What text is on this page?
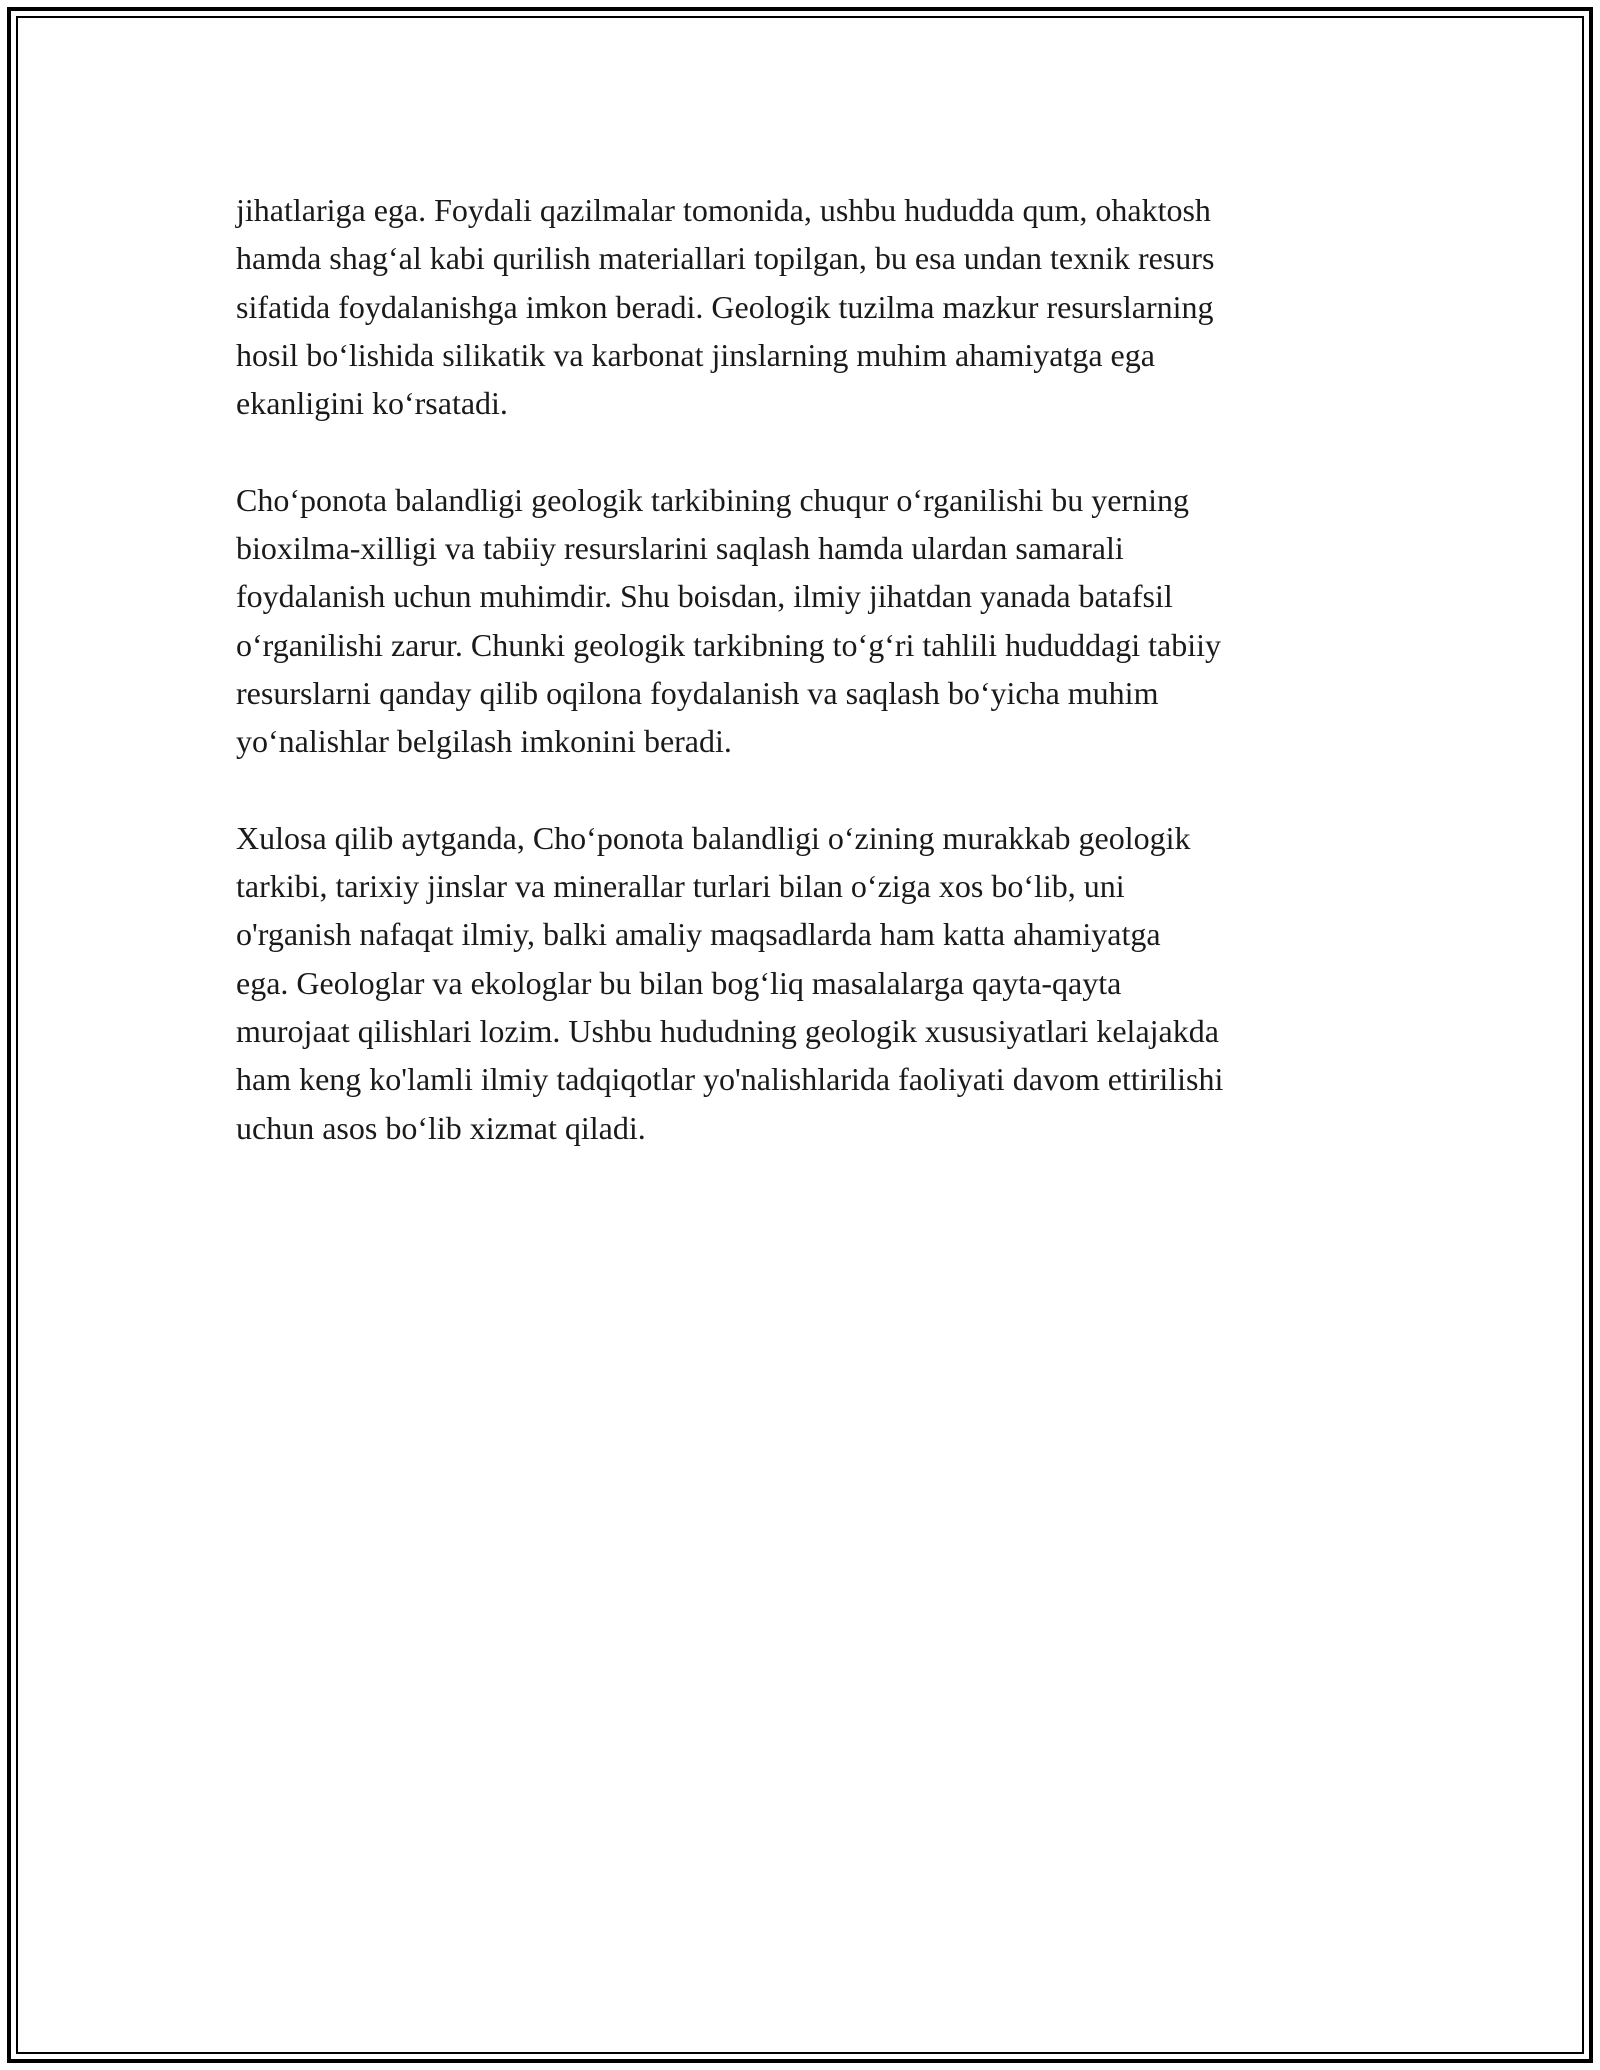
jihatlariga ega. Foydali qazilmalar tomonida, ushbu hududda qum, ohaktosh
hamda shag‘al kabi qurilish materiallari topilgan, bu esa undan texnik resurs
sifatida foydalanishga imkon beradi. Geologik tuzilma mazkur resurslarning
hosil bo‘lishida silikatik va karbonat jinslarning muhim ahamiyatga ega
ekanligini ko‘rsatadi.

Cho‘ponota balandligi geologik tarkibining chuqur o‘rganilishi bu yerning
bioxilma-xilligi va tabiiy resurslarini saqlash hamda ulardan samarali
foydalanish uchun muhimdir. Shu boisdan, ilmiy jihatdan yanada batafsil
o‘rganilishi zarur. Chunki geologik tarkibning to‘g‘ri tahlili hududdagi tabiiy
resurslarni qanday qilib oqilona foydalanish va saqlash bo‘yicha muhim
yo‘nalishlar belgilash imkonini beradi.

Xulosa qilib aytganda, Cho‘ponota balandligi o‘zining murakkab geologik
tarkibi, tarixiy jinslar va minerallar turlari bilan o‘ziga xos bo‘lib, uni
o'rganish nafaqat ilmiy, balki amaliy maqsadlarda ham katta ahamiyatga
ega. Geologlar va ekologlar bu bilan bog‘liq masalalarga qayta-qayta
murojaat qilishlari lozim. Ushbu hududning geologik xususiyatlari kelajakda
ham keng ko'lamli ilmiy tadqiqotlar yo'nalishlarida faoliyati davom ettirilishi
uchun asos bo‘lib xizmat qiladi.
